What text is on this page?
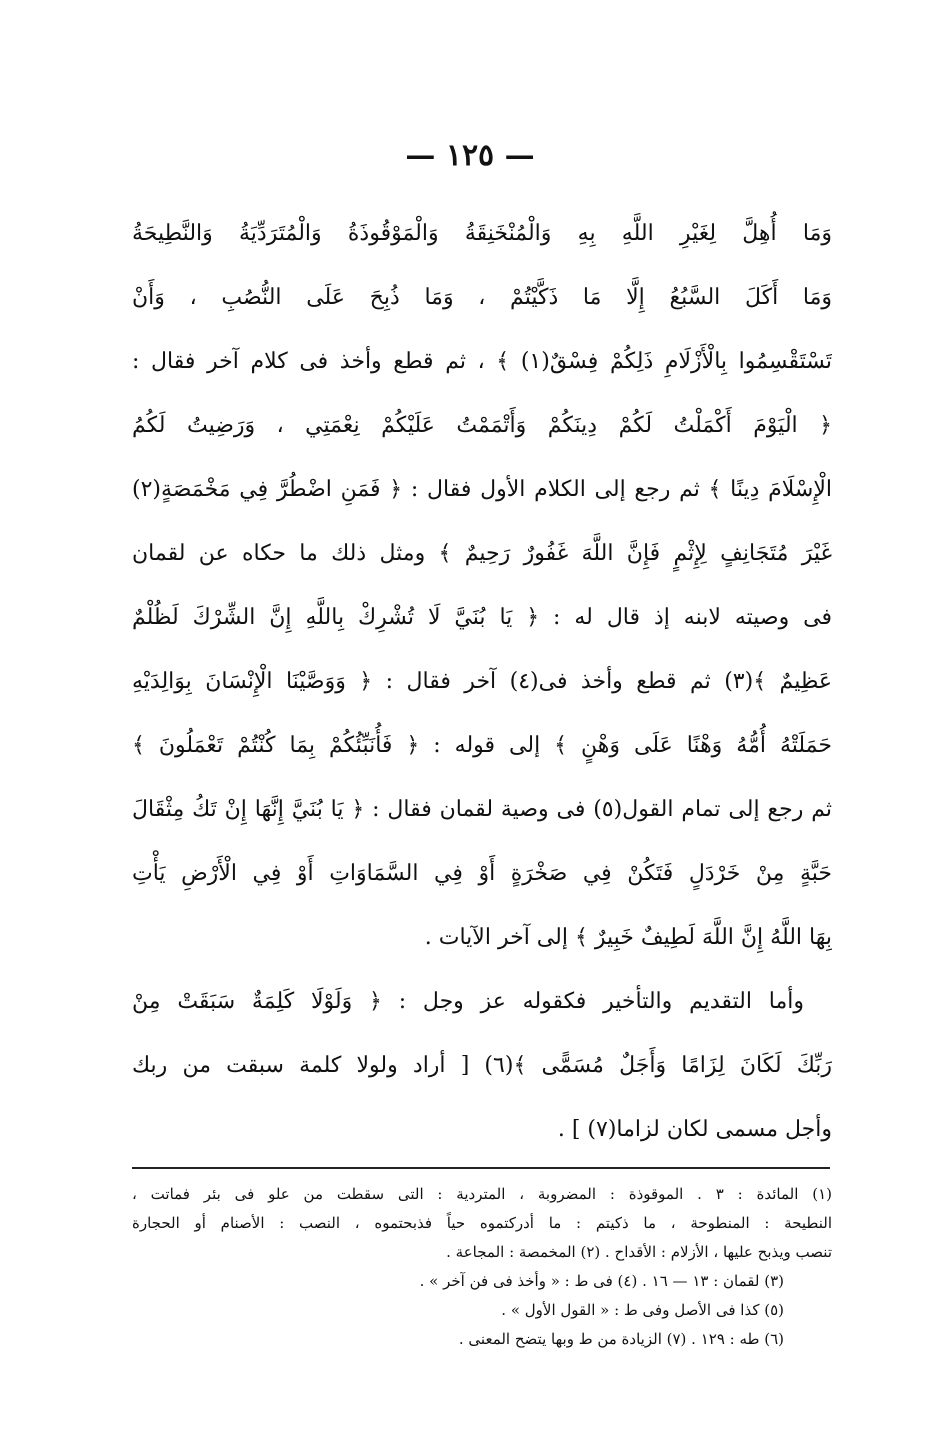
— ١٢٥ —
وَمَا أُهِلَّ لِغَيْرِ اللَّهِ بِهِ وَالْمُنْخَنِقَةُ وَالْمَوْقُوذَةُ وَالْمُتَرَدِّيَةُ وَالنَّطِيحَةُ
وَمَا أَكَلَ السَّبُعُ إِلَّا مَا ذَكَّيْتُمْ ، وَمَا ذُبِحَ عَلَى النُّصُبِ ، وَأَنْ
تَسْتَقْسِمُوا بِالْأَزْلَامِ ذَلِكُمْ فِسْقٌ(١) ﴾ ، ثم قطع وأخذ فى كلام آخر فقال :
﴿ الْيَوْمَ أَكْمَلْتُ لَكُمْ دِينَكُمْ وَأَتْمَمْتُ عَلَيْكُمْ نِعْمَتِي ، وَرَضِيتُ لَكُمُ
الْإِسْلَامَ دِينًا ﴾ ثم رجع إلى الكلام الأول فقال : ﴿ فَمَنِ اضْطُرَّ فِي مَخْمَصَةٍ(٢)
غَيْرَ مُتَجَانِفٍ لِإِثْمٍ فَإِنَّ اللَّهَ غَفُورٌ رَحِيمٌ ﴾ ومثل ذلك ما حكاه عن لقمان
فى وصيته لابنه إذ قال له : ﴿ يَا بُنَيَّ لَا تُشْرِكْ بِاللَّهِ إِنَّ الشِّرْكَ لَظُلْمٌ
عَظِيمٌ ﴾(٣) ثم قطع وأخذ فى(٤) آخر فقال : ﴿ وَوَصَّيْنَا الْإِنْسَانَ بِوَالِدَيْهِ
حَمَلَتْهُ أُمُّهُ وَهْنًا عَلَى وَهْنٍ ﴾ إلى قوله : ﴿ فَأُنَبِّئُكُمْ بِمَا كُنْتُمْ تَعْمَلُونَ ﴾
ثم رجع إلى تمام القول(٥) فى وصية لقمان فقال : ﴿ يَا بُنَيَّ إِنَّهَا إِنْ تَكُ مِثْقَالَ
حَبَّةٍ مِنْ خَرْدَلٍ فَتَكُنْ فِي صَخْرَةٍ أَوْ فِي السَّمَاوَاتِ أَوْ فِي الْأَرْضِ يَأْتِ
بِهَا اللَّهُ إِنَّ اللَّهَ لَطِيفٌ خَبِيرٌ ﴾ إلى آخر الآيات .
وأما التقديم والتأخير فكقوله عز وجل : ﴿ وَلَوْلَا كَلِمَةٌ سَبَقَتْ مِنْ
رَبِّكَ لَكَانَ لِزَامًا وَأَجَلٌ مُسَمًّى ﴾(٦) [ أراد ولولا كلمة سبقت من ربك
وأجل مسمى لكان لزاما(٧) ] .
(١) المائدة : ٣ . الموقوذة : المضروبة ، المتردية : التى سقطت من علو فى بئر فماتت ،
النطيحة : المنطوحة ، ما ذكيتم : ما أدركتموه حياً فذبحتموه ، النصب : الأصنام أو الحجارة
تنصب ويذبح عليها ، الأزلام : الأقداح . (٢) المخمصة : المجاعة .
(٣) لقمان : ١٣ — ١٦ . (٤) فى ط : « وأخذ فى فن آخر » .
(٥) كذا فى الأصل وفى ط : « القول الأول » .
(٦) طه : ١٢٩ . (٧) الزيادة من ط وبها يتضح المعنى .
